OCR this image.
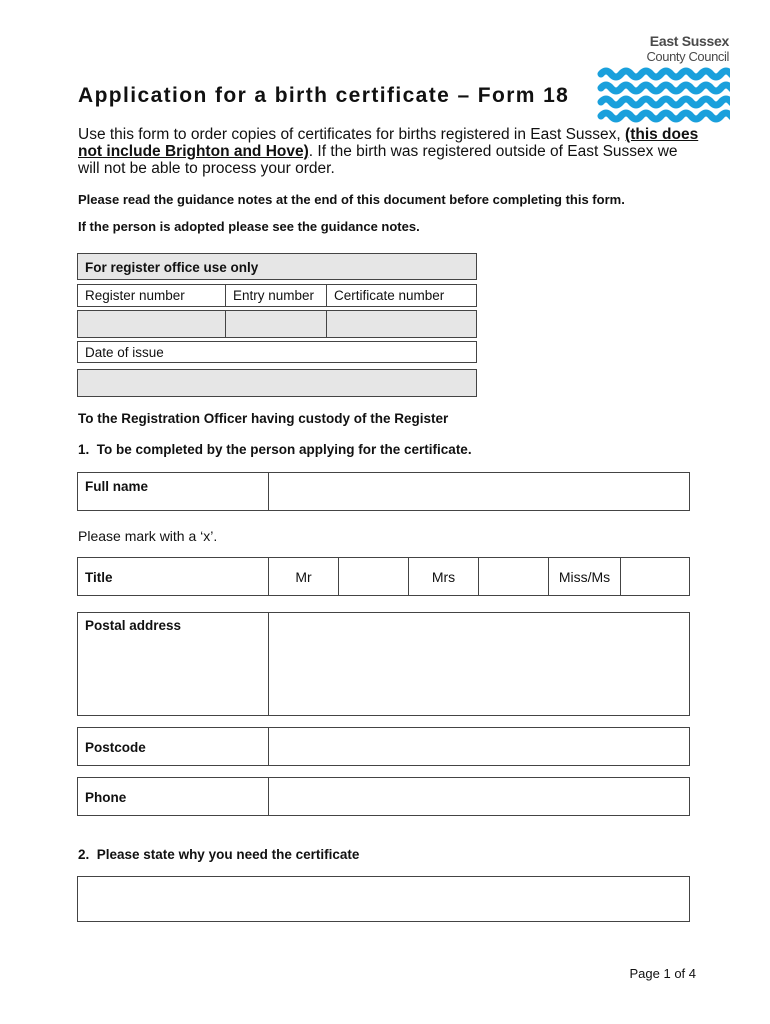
East Sussex
County Council
Application for a birth certificate – Form 18
Use this form to order copies of certificates for births registered in East Sussex, (this does not include Brighton and Hove). If the birth was registered outside of East Sussex we will not be able to process your order.
Please read the guidance notes at the end of this document before completing this form.
If the person is adopted please see the guidance notes.
For register office use only
Register number	Entry number	Certificate number
Date of issue
To the Registration Officer having custody of the Register
1.  To be completed by the person applying for the certificate.
Full name
Please mark with a ‘x’.
Title	Mr	Mrs	Miss/Ms
Postal address
Postcode
Phone
2.  Please state why you need the certificate
Page 1 of 4
